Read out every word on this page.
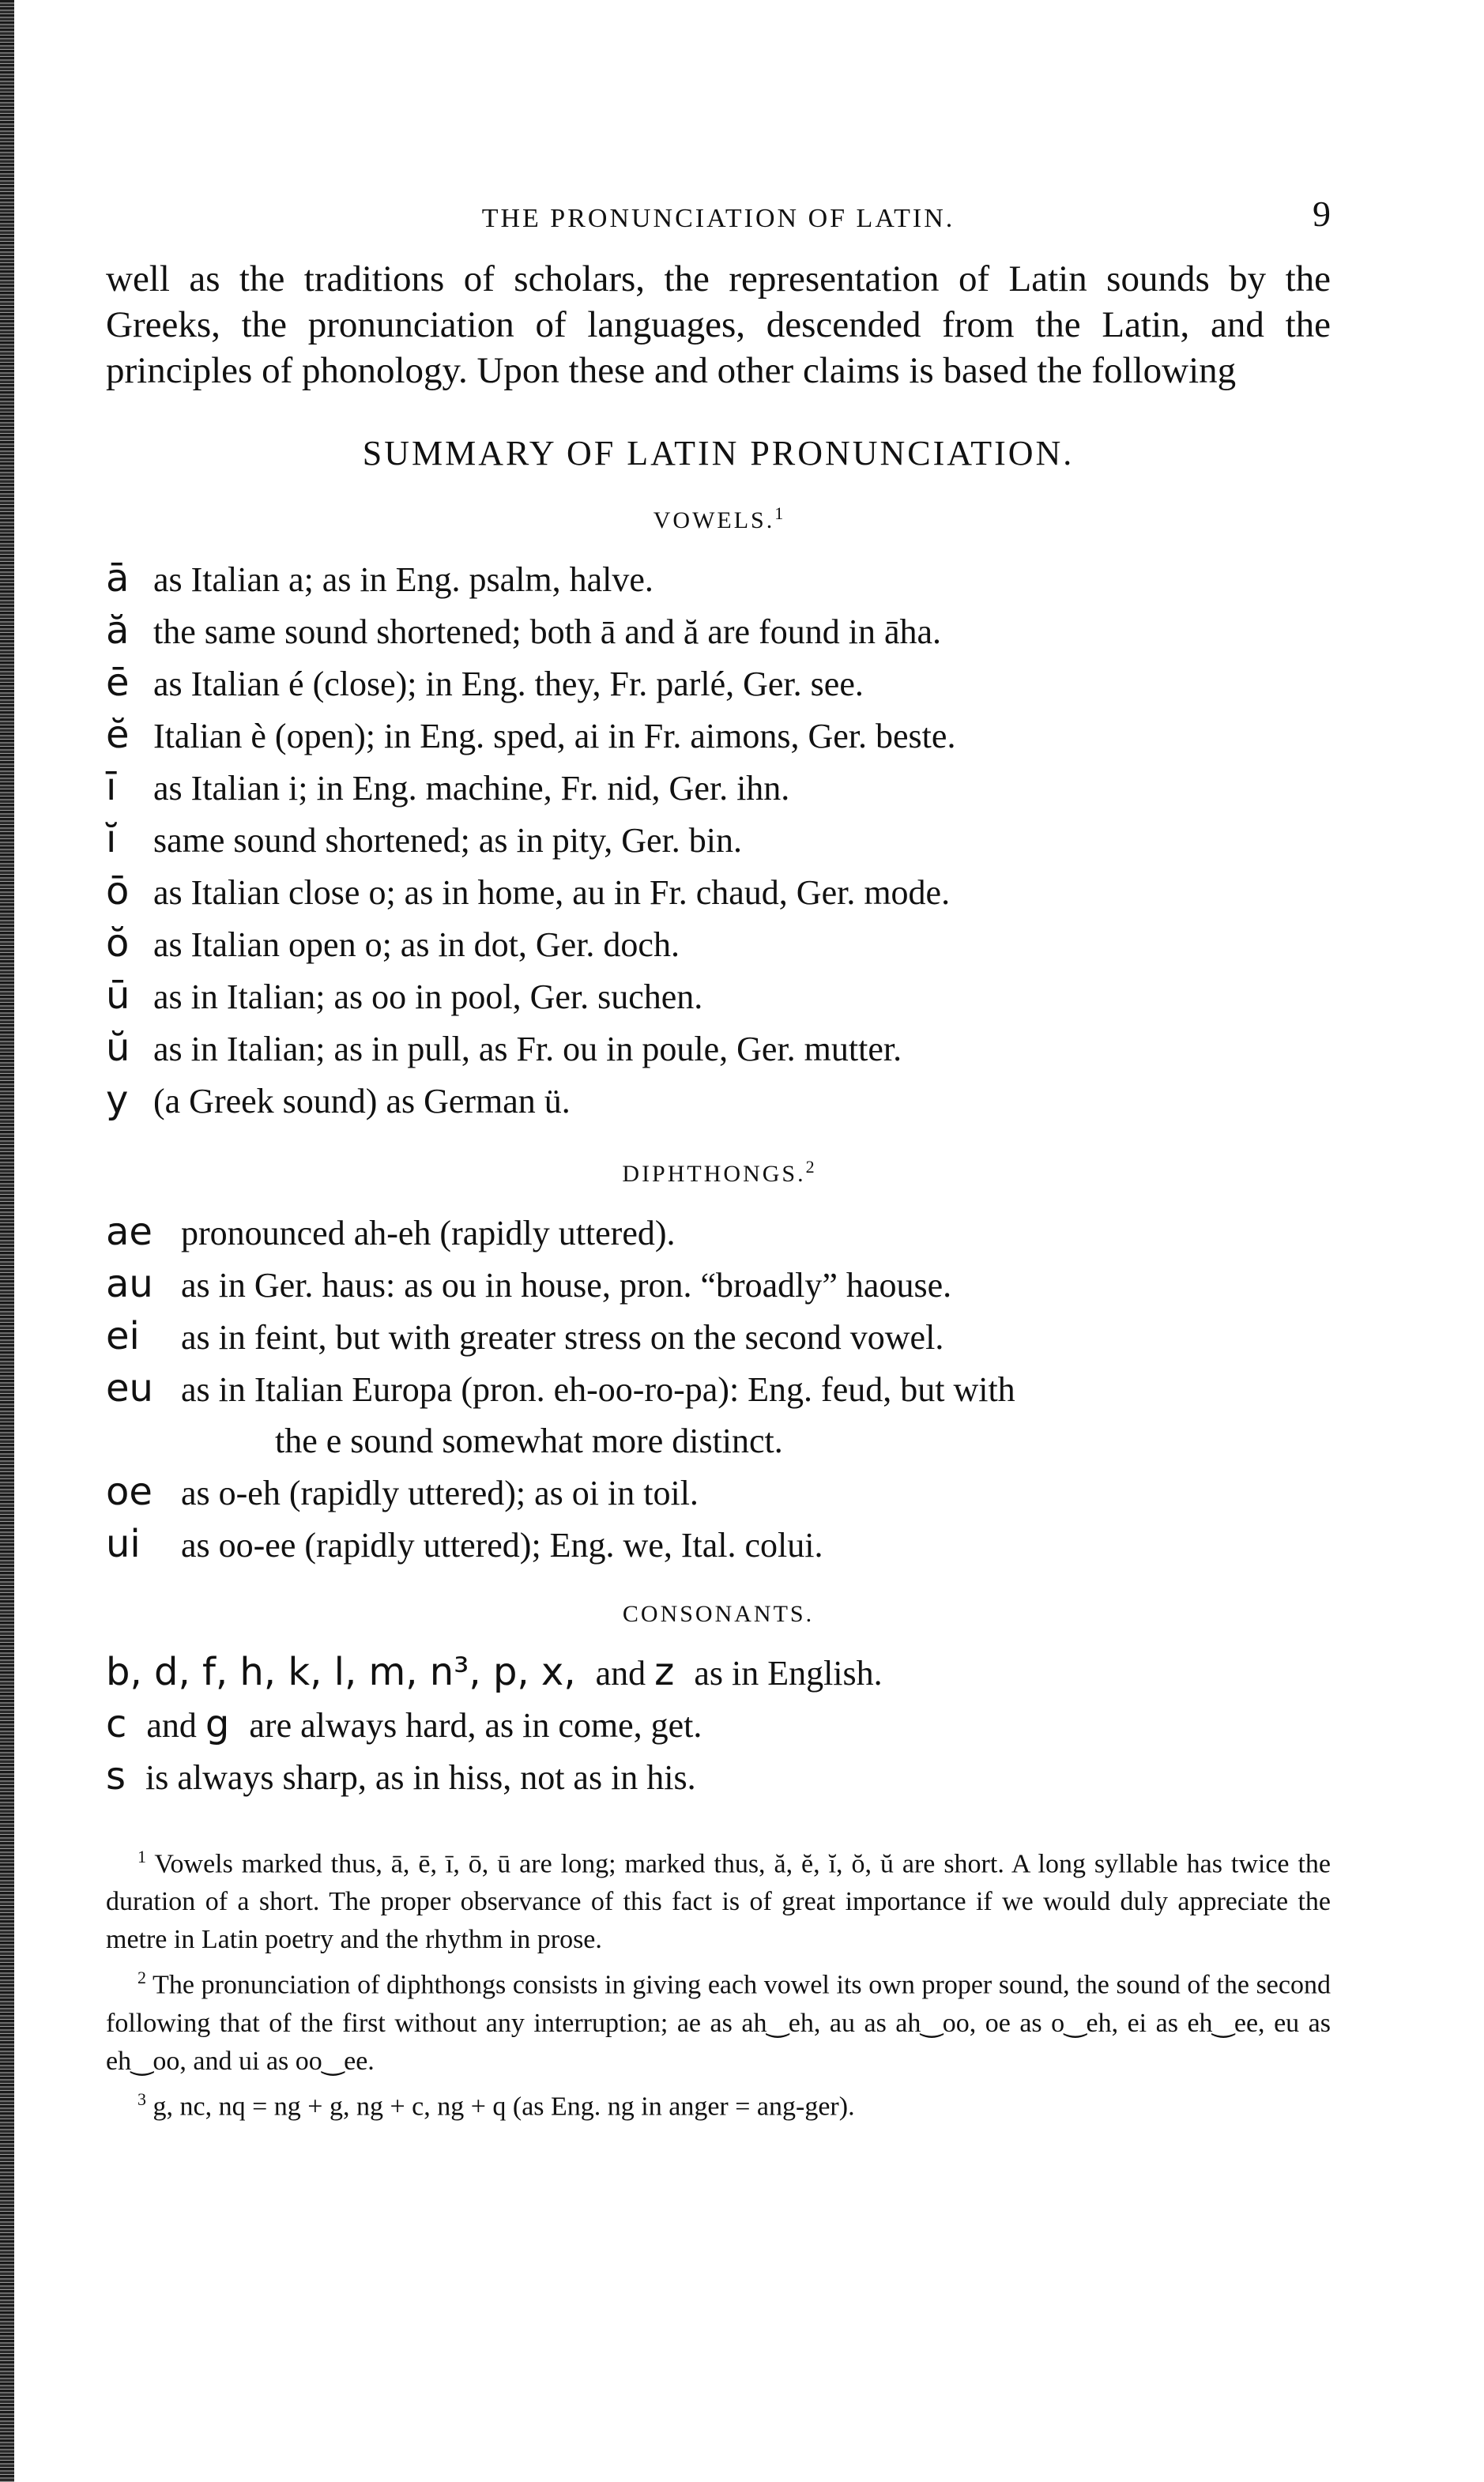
THE PRONUNCIATION OF LATIN.	9
well as the traditions of scholars, the representation of Latin sounds by the Greeks, the pronunciation of languages, descended from the Latin, and the principles of phonology. Upon these and other claims is based the following
SUMMARY OF LATIN PRONUNCIATION.
VOWELS.$^1$
ā as Italian a; as in Eng. psalm, halve.
ă the same sound shortened; both ā and ă are found in āha.
ē as Italian é (close); in Eng. they, Fr. parlé, Ger. see.
ĕ Italian è (open); in Eng. sped, ai in Fr. aimons, Ger. beste.
ī	as Italian i; in Eng. machine, Fr. nid, Ger. ihn.
ĭ	same sound shortened; as in pity, Ger. bin.
ō as Italian close o; as in home, au in Fr. chaud, Ger. mode.
ŏ as Italian open o; as in dot, Ger. doch.
ū as in Italian; as oo in pool, Ger. suchen.
ŭ as in Italian; as in pull, as Fr. ou in poule, Ger. mutter.
y (a Greek sound) as German ü.
DIPHTHONGS.$^2$
ae pronounced ah-eh (rapidly uttered).
au as in Ger. haus: as ou in house, pron. “broadly” haouse.
ei	as in feint, but with greater stress on the second vowel.
eu as in Italian Europa (pron. eh-oo-ro-pa): Eng. feud, but with
the e sound somewhat more distinct.
oe as o-eh (rapidly uttered); as oi in toil.
ui	as oo-ee (rapidly uttered); Eng. we, Ital. colui.
CONSONANTS.
b, d, f, h, k, l, m, n³, p, x, and z as in English.
c and g are always hard, as in come, get.
s is always sharp, as in hiss, not as in his.

$^1$ Vowels marked thus, ā, ē, ī, ō, ū are long; marked thus, ă, ĕ, ĭ, ŏ, ŭ are short. A long syllable has twice the duration of a short. The proper observance of this fact is of great importance if we would duly appreciate the metre in Latin poetry and the rhythm in prose.

$^2$ The pronunciation of diphthongs consists in giving each vowel its own proper sound, the sound of the second following that of the first without any interruption; ae as ah‿eh, au as ah‿oo, oe as o‿eh, ei as eh‿ee, eu as eh‿oo, and ui as oo‿ee.

$^3$ g, nc, nq = ng + g, ng + c, ng + q (as Eng. ng in anger = ang-ger).
